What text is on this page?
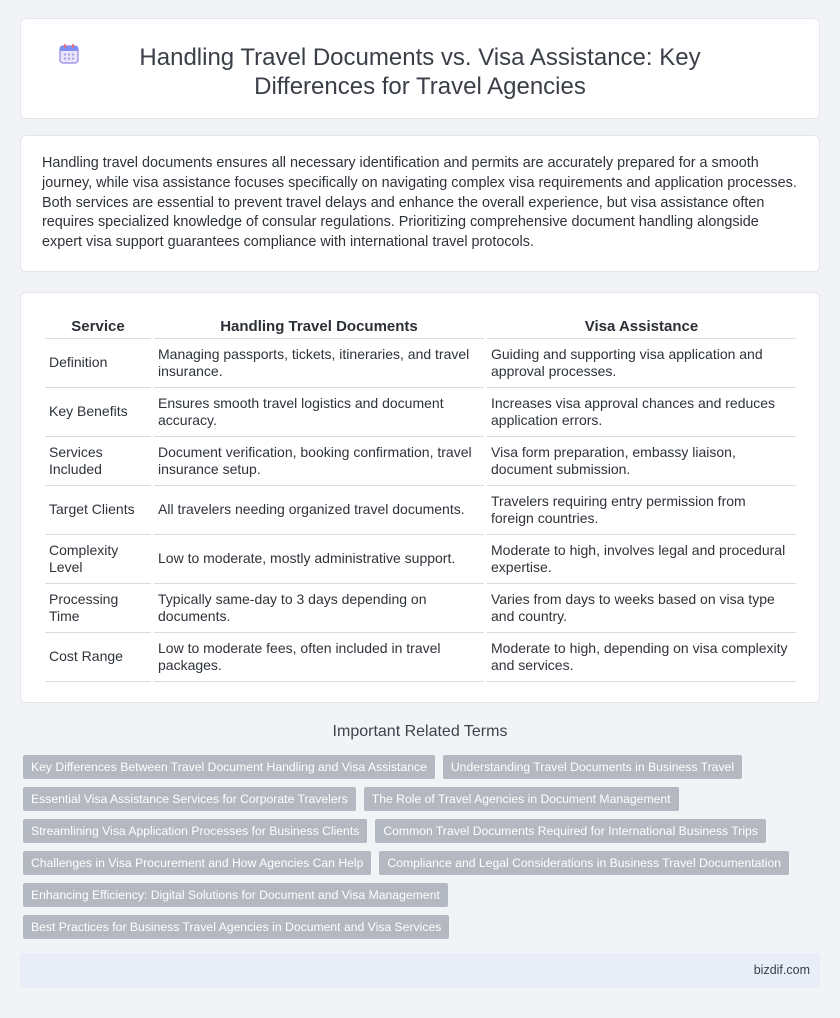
Handling Travel Documents vs. Visa Assistance: Key Differences for Travel Agencies

Handling travel documents ensures all necessary identification and permits are accurately prepared for a smooth journey, while visa assistance focuses specifically on navigating complex visa requirements and application processes. Both services are essential to prevent travel delays and enhance the overall experience, but visa assistance often requires specialized knowledge of consular regulations. Prioritizing comprehensive document handling alongside expert visa support guarantees compliance with international travel protocols.

Service	Handling Travel Documents	Visa Assistance
Definition	Managing passports, tickets, itineraries, and travel insurance.	Guiding and supporting visa application and approval processes.
Key Benefits	Ensures smooth travel logistics and document accuracy.	Increases visa approval chances and reduces application errors.
Services Included	Document verification, booking confirmation, travel insurance setup.	Visa form preparation, embassy liaison, document submission.
Target Clients	All travelers needing organized travel documents.	Travelers requiring entry permission from foreign countries.
Complexity Level	Low to moderate, mostly administrative support.	Moderate to high, involves legal and procedural expertise.
Processing Time	Typically same-day to 3 days depending on documents.	Varies from days to weeks based on visa type and country.
Cost Range	Low to moderate fees, often included in travel packages.	Moderate to high, depending on visa complexity and services.
Important Related Terms
Key Differences Between Travel Document Handling and Visa Assistance	Understanding Travel Documents in Business Travel
Essential Visa Assistance Services for Corporate Travelers	The Role of Travel Agencies in Document Management
Streamlining Visa Application Processes for Business Clients	Common Travel Documents Required for International Business Trips
Challenges in Visa Procurement and How Agencies Can Help	Compliance and Legal Considerations in Business Travel Documentation
Enhancing Efficiency: Digital Solutions for Document and Visa Management
Best Practices for Business Travel Agencies in Document and Visa Services
bizdif.com
